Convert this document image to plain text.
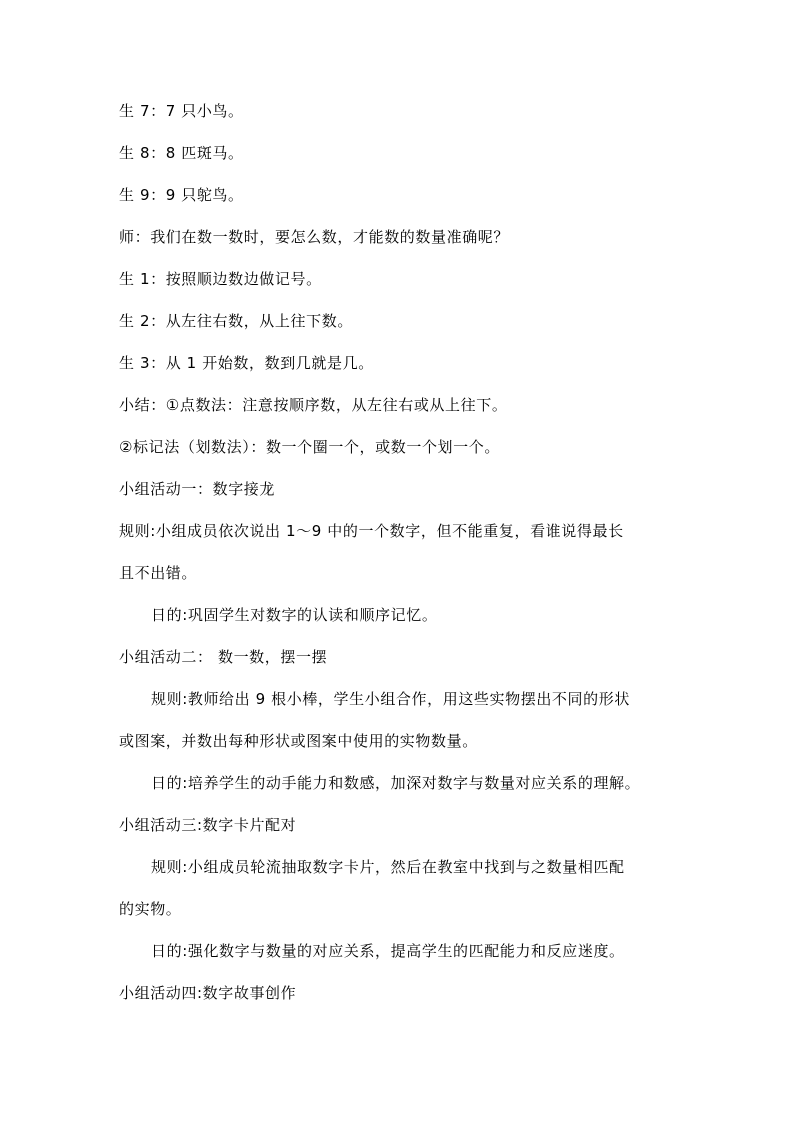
生 7：7 只小鸟。
生 8：8 匹斑马。
生 9：9 只鸵鸟。
师：我们在数一数时，要怎么数，才能数的数量准确呢？
生 1：按照顺边数边做记号。
生 2：从左往右数，从上往下数。
生 3：从 1 开始数，数到几就是几。
小结：①点数法：注意按顺序数，从左往右或从上往下。
②标记法（划数法）：数一个圈一个，或数一个划一个。
小组活动一：数字接龙
规则:小组成员依次说出 1～9 中的一个数字，但不能重复，看谁说得最长
且不出错。
日的:巩固学生对数字的认读和顺序记忆。
小组活动二： 数一数，摆一摆
规则:教师给出 9 根小棒，学生小组合作，用这些实物摆出不同的形状
或图案，并数出每种形状或图案中使用的实物数量。
日的:培养学生的动手能力和数感，加深对数字与数量对应关系的理解。
小组活动三:数字卡片配对
规则:小组成员轮流抽取数字卡片，然后在教室中找到与之数量相匹配
的实物。
日的:强化数字与数量的对应关系，提高学生的匹配能力和反应迷度。
小组活动四:数字故事创作
